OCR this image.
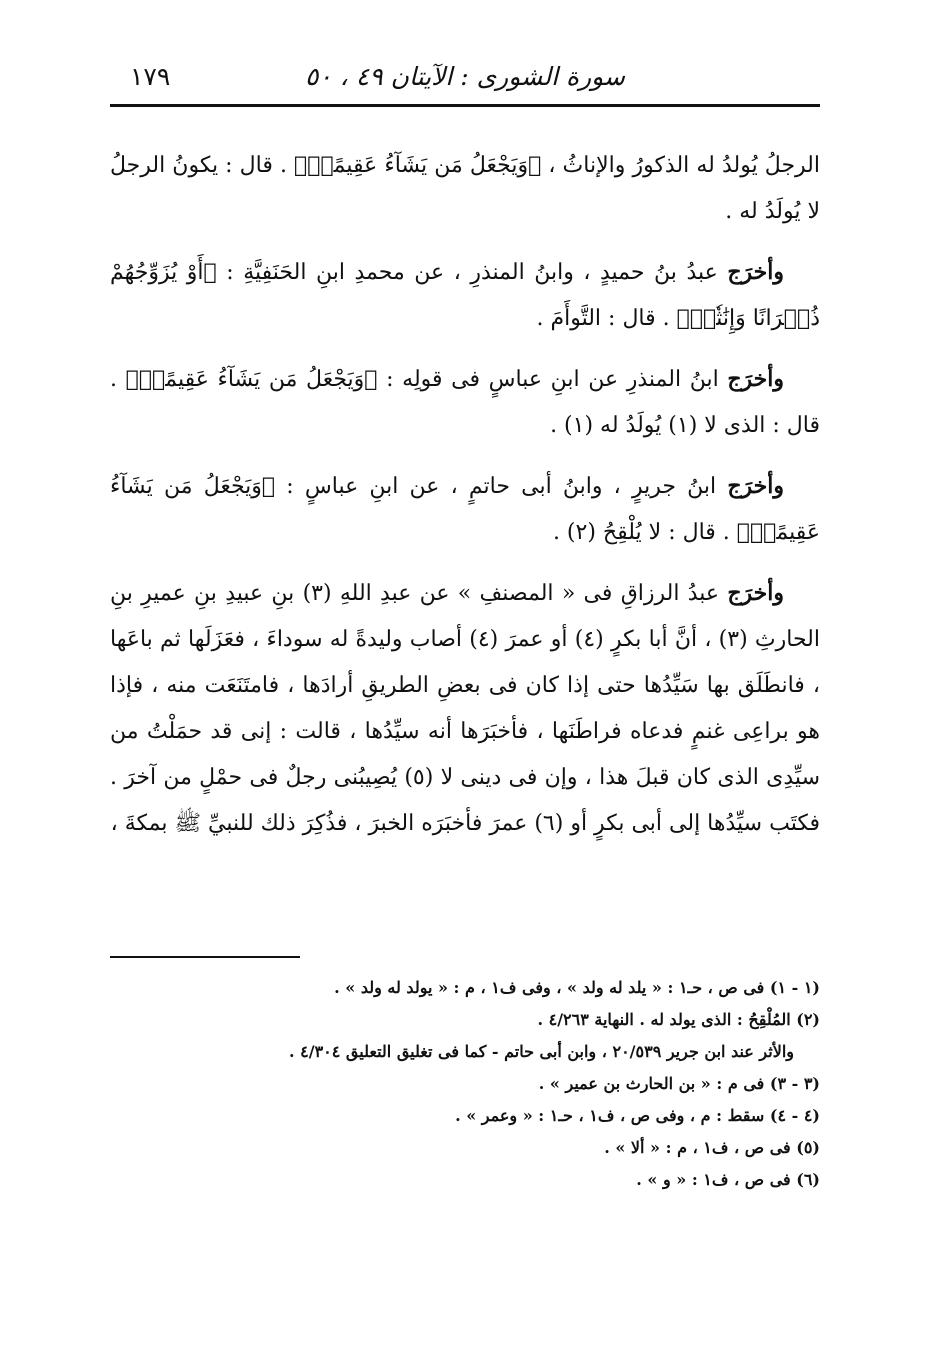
سورة الشورى : الآيتان ٤٩ ، ٥٠
١٧٩

الرجلُ يُولدُ له الذكورُ والإناثُ ، ﴿وَيَجْعَلُ مَن يَشَآءُ عَقِيمًاۚ﴾ . قال : يكونُ الرجلُ لا يُولَدُ له .

وأخرَج عبدُ بنُ حميدٍ ، وابنُ المنذرِ ، عن محمدِ ابنِ الحَنَفِيَّةِ : ﴿أَوْ يُزَوِّجُهُمْ ذُكۡرَانًا وَإِنَٰثٗاۖ﴾ . قال : التَّوأَمَ .

وأخرَج ابنُ المنذرِ عن ابنِ عباسٍ فى قولِه : ﴿وَيَجْعَلُ مَن يَشَآءُ عَقِيمًاۚ﴾ . قال : الذى لا (١) يُولَدُ له (١) .

وأخرَج ابنُ جريرٍ ، وابنُ أبى حاتمٍ ، عن ابنِ عباسٍ : ﴿وَيَجْعَلُ مَن يَشَآءُ عَقِيمًاۚ﴾ . قال : لا يُلْقِحُ (٢) .

وأخرَج عبدُ الرزاقِ فى « المصنفِ » عن عبدِ اللهِ (٣) بنِ عبيدِ بنِ عميرِ بنِ الحارثِ (٣) ، أنَّ أبا بكرٍ (٤) أو عمرَ (٤) أصاب وليدةً له سوداءَ ، فعَزَلَها ثم باعَها ، فانطَلَق بها سَيِّدُها حتى إذا كان فى بعضِ الطريقِ أرادَها ، فامتَنَعَت منه ، فإذا هو براعِى غنمٍ فدعاه فراطَنَها ، فأخبَرَها أنه سيِّدُها ، قالت : إنى قد حمَلْتُ من سيِّدِى الذى كان قبلَ هذا ، وإن فى دينى لا (٥) يُصِيبُنى رجلٌ فى حمْلٍ من آخرَ . فكتَب سيِّدُها إلى أبى بكرٍ أو (٦) عمرَ فأخبَرَه الخبرَ ، فذُكِرَ ذلك للنبيِّ ﷺ بمكةَ ،

(١ - ١) فى ص ، حـ١ : « يلد له ولد » ، وفى ف١ ، م : « يولد له ولد » .
(٢) المُلْقِحُ : الذى يولد له . النهاية ٤/٢٦٣ .
والأثر عند ابن جرير ٢٠/٥٣٩ ، وابن أبى حاتم - كما فى تغليق التعليق ٤/٣٠٤ .
(٣ - ٣) فى م : « بن الحارث بن عمير » .
(٤ - ٤) سقط : م ، وفى ص ، ف١ ، حـ١ : « وعمر » .
(٥) فى ص ، ف١ ، م : « ألا » .
(٦) فى ص ، ف١ : « و » .
